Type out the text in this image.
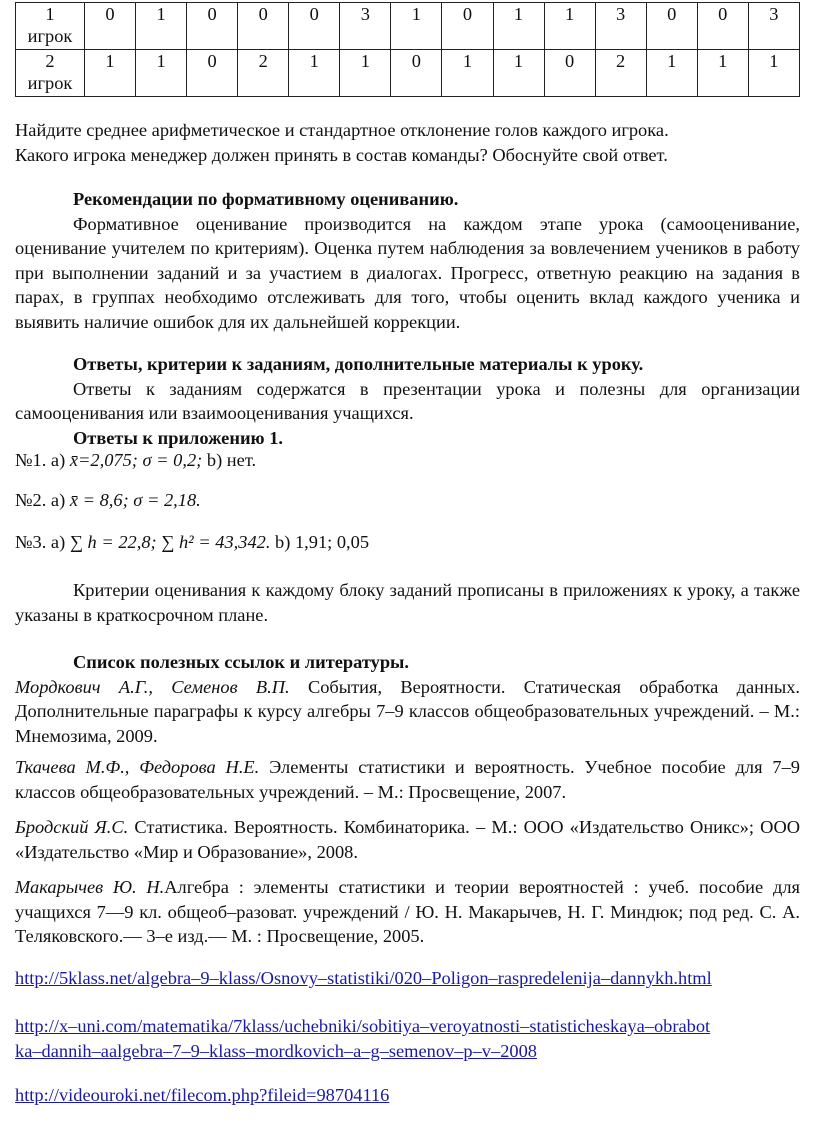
1
игрок	0	1	0	0	0	3	1	0	1	1	3	0	0	3
2
игрок	1	1	0	2	1	1	0	1	1	0	2	1	1	1

Найдите среднее арифметическое и стандартное отклонение голов каждого игрока.

Какого игрока менеджер должен принять в состав команды? Обоснуйте свой ответ.

Рекомендации по формативному оцениванию.

Формативное оценивание производится на каждом этапе урока (самооценивание, оценивание учителем по критериям). Оценка путем наблюдения за вовлечением учеников в работу при выполнении заданий и за участием в диалогах. Прогресс, ответную реакцию на задания в парах, в группах необходимо отслеживать для того, чтобы оценить вклад каждого ученика и выявить наличие ошибок для их дальнейшей коррекции.

Ответы, критерии к заданиям, дополнительные материалы к уроку.

Ответы к заданиям содержатся в презентации урока и полезны для организации самооценивания или взаимооценивания учащихся.

Ответы к приложению 1.

№1. а) x̄=2,075; σ = 0,2; b) нет.
№2. а) x̄ = 8,6; σ = 2,18.
№3. а) ∑ h = 22,8; ∑ h² = 43,342. b) 1,91; 0,05

Критерии оценивания к каждому блоку заданий прописаны в приложениях к уроку, а также указаны в краткосрочном плане.

Список полезных ссылок и литературы.

Мордкович А.Г., Семенов В.П. События, Вероятности. Статическая обработка данных. Дополнительные параграфы к курсу алгебры 7–9 классов общеобразовательных учреждений. – М.: Мнемозима, 2009.

Ткачева М.Ф., Федорова Н.Е. Элементы статистики и вероятность. Учебное пособие для 7–9 классов общеобразовательных учреждений. – М.: Просвещение, 2007.

Бродский Я.С. Статистика. Вероятность. Комбинаторика. – М.: ООО «Издательство Оникс»; ООО «Издательство «Мир и Образование», 2008.

Макарычев Ю. Н.Алгебра : элементы статистики и теории вероятностей : учеб. пособие для учащихся 7—9 кл. общеоб–разоват. учреждений / Ю. Н. Макарычев, Н. Г. Миндюк; под ред. С. А. Теляковского.— 3–е изд.— М. : Просвещение, 2005.

http://5klass.net/algebra–9–klass/Osnovy–statistiki/020–Poligon–raspredelenija–dannykh.html

http://x–uni.com/matematika/7klass/uchebniki/sobitiya–veroyatnosti–statisticheskaya–obrabotka–dannih–aalgebra–7–9–klass–mordkovich–a–g–semenov–p–v–2008

http://videouroki.net/filecom.php?fileid=98704116
